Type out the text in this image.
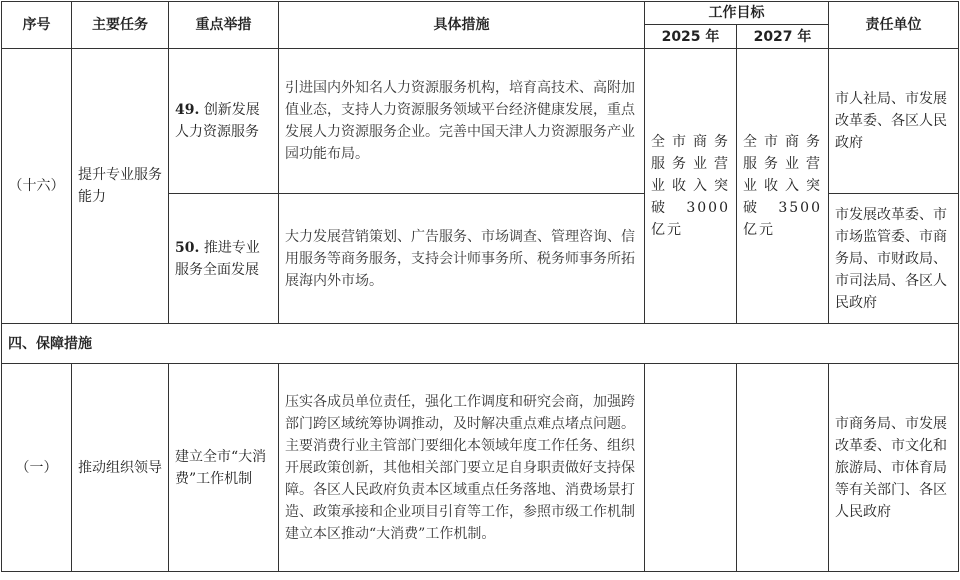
序号	主要任务	重点举措	具体措施	工作目标		责任单位
				2025 年	2027 年	
（十六）	提升专业服务能力	49. 创新发展人力资源服务	引进国内外知名人力资源服务机构，培育高技术、高附加值业态，支持人力资源服务领域平台经济健康发展，重点发展人力资源服务企业。完善中国天津人力资源服务产业园功能布局。	全市商务服务业营业收入突破 3000 亿元	全市商务服务业营业收入突破 3500 亿元	市人社局、市发展改革委、各区人民政府
		50. 推进专业服务全面发展	大力发展营销策划、广告服务、市场调查、管理咨询、信用服务等商务服务，支持会计师事务所、税务师事务所拓展海内外市场。			市发展改革委、市市场监管委、市商务局、市财政局、市司法局、各区人民政府
四、保障措施						
（一）	推动组织领导	建立全市“大消费”工作机制	压实各成员单位责任，强化工作调度和研究会商，加强跨部门跨区域统筹协调推动，及时解决重点难点堵点问题。主要消费行业主管部门要细化本领域年度工作任务、组织开展政策创新，其他相关部门要立足自身职责做好支持保障。各区人民政府负责本区域重点任务落地、消费场景打造、政策承接和企业项目引育等工作，参照市级工作机制建立本区推动“大消费”工作机制。			市商务局、市发展改革委、市文化和旅游局、市体育局等有关部门、各区人民政府
